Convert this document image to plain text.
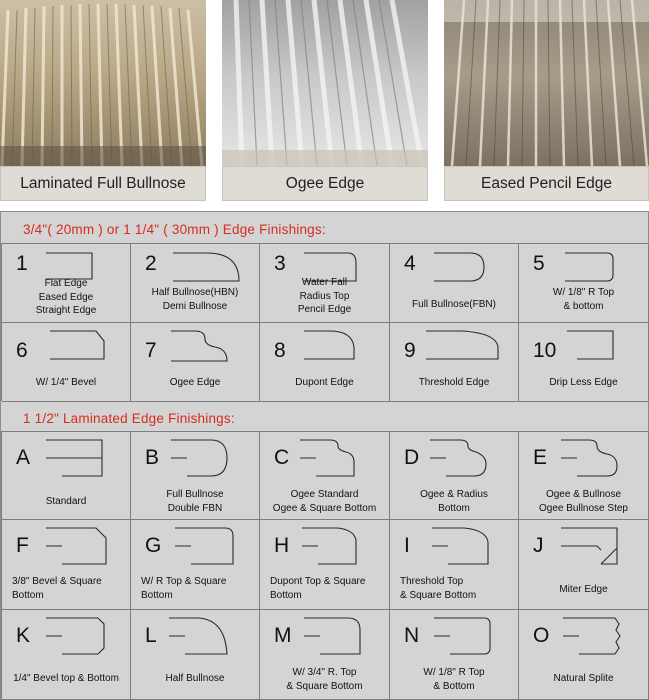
Laminated Full Bullnose	Ogee Edge	Eased Pencil Edge
3/4"( 20mm ) or 1 1/4" ( 30mm ) Edge Finishings:
1
Flat Edge
Eased Edge
Straight Edge
2
Half Bullnose(HBN)
Demi Bullnose
3
Water Fall
Radius Top
Pencil Edge
4
Full Bullnose(FBN)
5
W/ 1/8" R Top
& bottom
6
W/ 1/4" Bevel
7
Ogee Edge
8
Dupont Edge
9
Threshold Edge
10
Drip Less Edge
1 1/2" Laminated Edge Finishings:
A
Standard
B
Full Bullnose
Double FBN
C
Ogee Standard
Ogee & Square Bottom
D
Ogee & Radius
Bottom
E
Ogee & Bullnose
Ogee Bullnose Step
F
3/8" Bevel & Square
Bottom
G
W/ R Top & Square
Bottom
H
Dupont Top & Square
Bottom
I
Threshold Top
& Square Bottom
J
Miter Edge
K
1/4" Bevel top & Bottom
L
Half Bullnose
M
W/ 3/4" R. Top
& Square Bottom
N
W/ 1/8" R Top
& Bottom
O
Natural Splite
